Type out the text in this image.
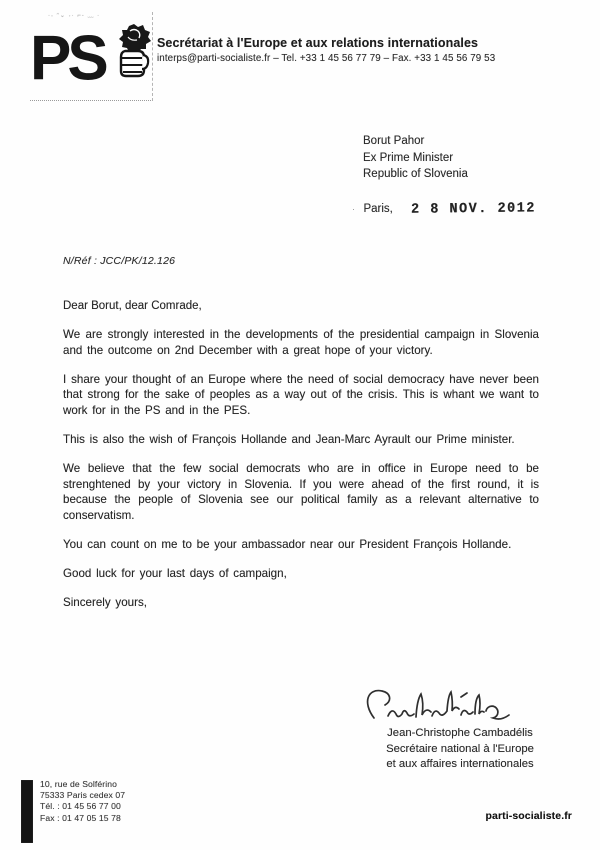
·˖ ᵔ⌄ ˖· ⌐- ﹏ ·
PS	Secrétariat à l'Europe et aux relations internationales
interps@parti-socialiste.fr – Tel. +33 1 45 56 77 79 – Fax. +33 1 45 56 79 53
Borut Pahor
Ex Prime Minister
Republic of Slovenia
· Paris, 2 8 NOV. 2012
N/Réf : JCC/PK/12.126
Dear Borut, dear Comrade,

We are strongly interested in the developments of the presidential campaign in Slovenia and the outcome on 2nd December with a great hope of your victory.

I share your thought of an Europe where the need of social democracy have never been that strong for the sake of peoples as a way out of the crisis. This is whant we want to work for in the PS and in the PES.

This is also the wish of François Hollande and Jean-Marc Ayrault our Prime minister.

We believe that the few social democrats who are in office in Europe need to be strenghtened by your victory in Slovenia. If you were ahead of the first round, it is because the people of Slovenia see our political family as a relevant alternative to conservatism.

You can count on me to be your ambassador near our President François Hollande.

Good luck for your last days of campaign,

Sincerely yours,

Jean-Christophe Cambadélis
Secrétaire national à l'Europe
et aux affaires internationales
10, rue de Solférino
75333 Paris cedex 07
Tél. : 01 45 56 77 00
Fax : 01 47 05 15 78	parti-socialiste.fr
